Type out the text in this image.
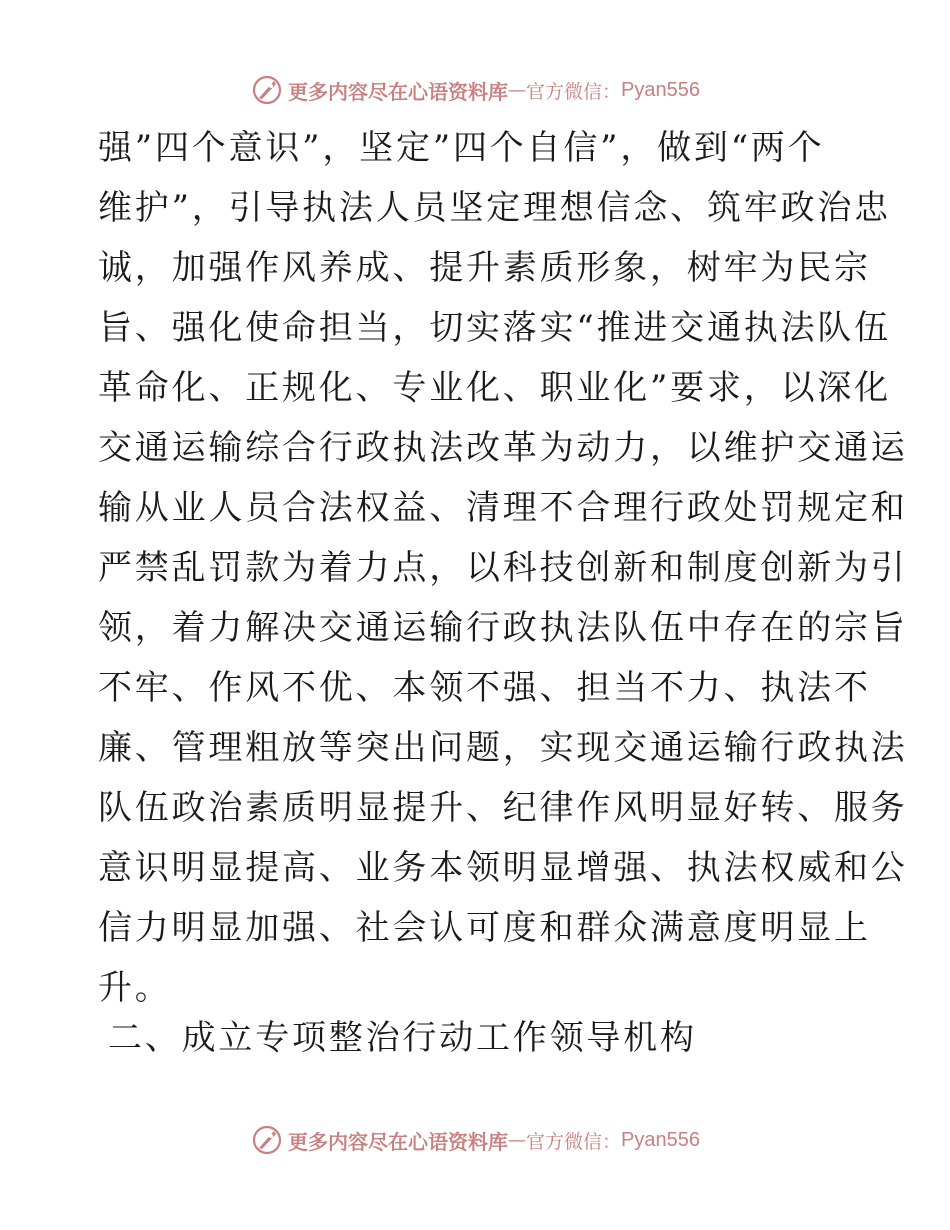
更多内容尽在心语资料库 — 官方微信： Pyan556
强”四个意识”，坚定”四个自信”，做到“两个
维护”，引导执法人员坚定理想信念、筑牢政治忠
诚，加强作风养成、提升素质形象，树牢为民宗
旨、强化使命担当，切实落实“推进交通执法队伍
革命化、正规化、专业化、职业化”要求，以深化
交通运输综合行政执法改革为动力，以维护交通运
输从业人员合法权益、清理不合理行政处罚规定和
严禁乱罚款为着力点，以科技创新和制度创新为引
领，着力解决交通运输行政执法队伍中存在的宗旨
不牢、作风不优、本领不强、担当不力、执法不
廉、管理粗放等突出问题，实现交通运输行政执法
队伍政治素质明显提升、纪律作风明显好转、服务
意识明显提高、业务本领明显增强、执法权威和公
信力明显加强、社会认可度和群众满意度明显上
升。
二、成立专项整治行动工作领导机构
更多内容尽在心语资料库 — 官方微信： Pyan556
